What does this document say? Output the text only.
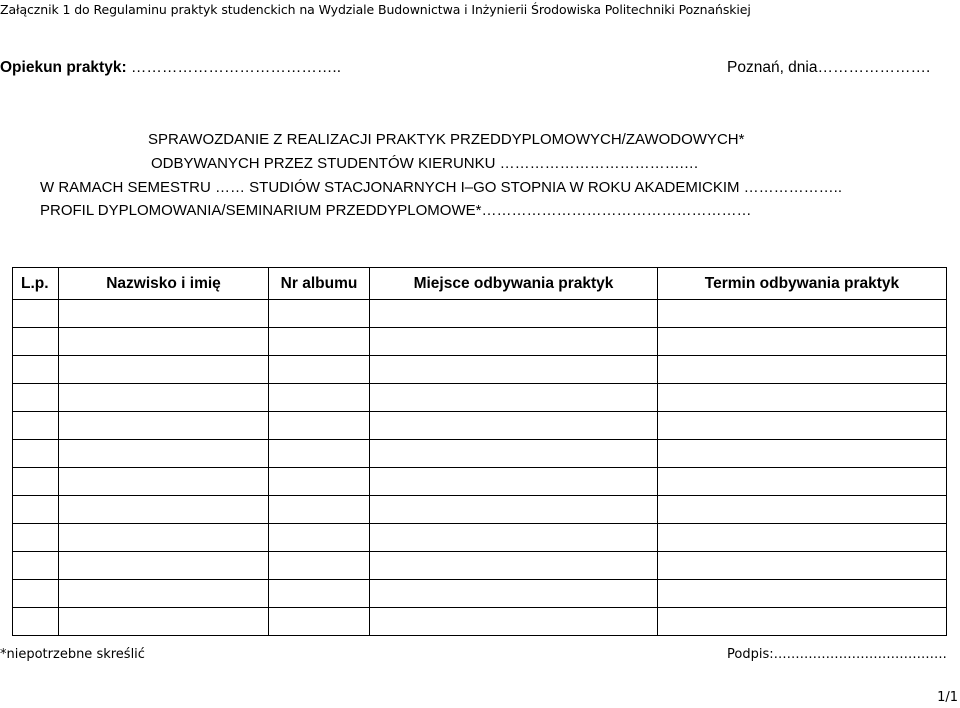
Załącznik 1 do Regulaminu praktyk studenckich na Wydziale Budownictwa i Inżynierii Środowiska Politechniki Poznańskiej
Opiekun praktyk: …………………………………..	Poznań, dnia………………….
SPRAWOZDANIE Z REALIZACJI PRAKTYK PRZEDDYPLOMOWYCH/ZAWODOWYCH*
ODBYWANYCH PRZEZ STUDENTÓW KIERUNKU ……………………………….…
W RAMACH SEMESTRU …… STUDIÓW STACJONARNYCH I–GO STOPNIA W ROKU AKADEMICKIM ………………..
PROFIL DYPLOMOWANIA/SEMINARIUM PRZEDDYPLOMOWE*………………………………………………
L.p.	Nazwisko i imię	Nr albumu	Miejsce odbywania praktyk	Termin odbywania praktyk

*niepotrzebne skreślić	Podpis:………………………………….
1/1
